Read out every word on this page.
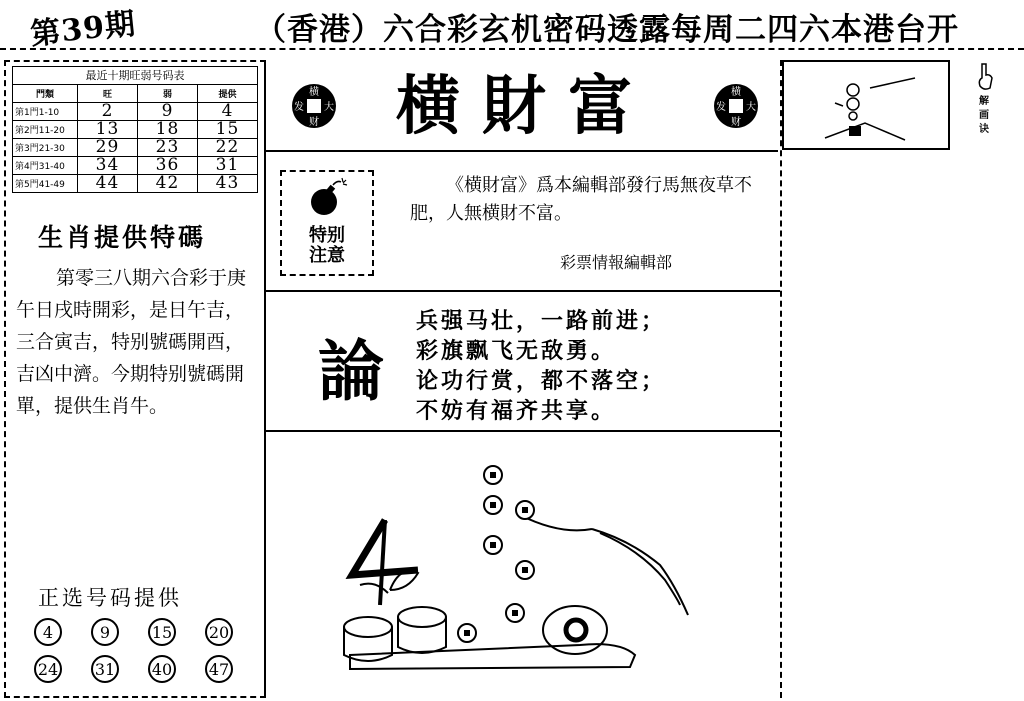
第39期	（香港）六合彩玄机密码透露每周二四六本港台开
最近十期旺弱号码表
門類	旺	弱	提供
第1門1-10	2	9	4
第2門11-20	13	18	15
第3門21-30	29	23	22
第4門31-40	34	36	31
第5門41-49	44	42	43
生肖提供特碼
第零三八期六合彩于庚午日戌時開彩，是日午吉，三合寅吉，特别號碼開酉，吉凶中濟。今期特别號碼開單，提供生肖牛。
正选号码提供
4	9	15 20
24 31 40 47
横
发 大
财	横財富	横
发 大
财
特别
注意
《横財富》爲本編輯部發行馬無夜草不肥，人無横財不富。
彩票情報編輯部
論
兵强马壮，一路前进；
彩旗飘飞无敌勇。
论功行赏，都不落空；
不妨有福齐共享。
解画诀
